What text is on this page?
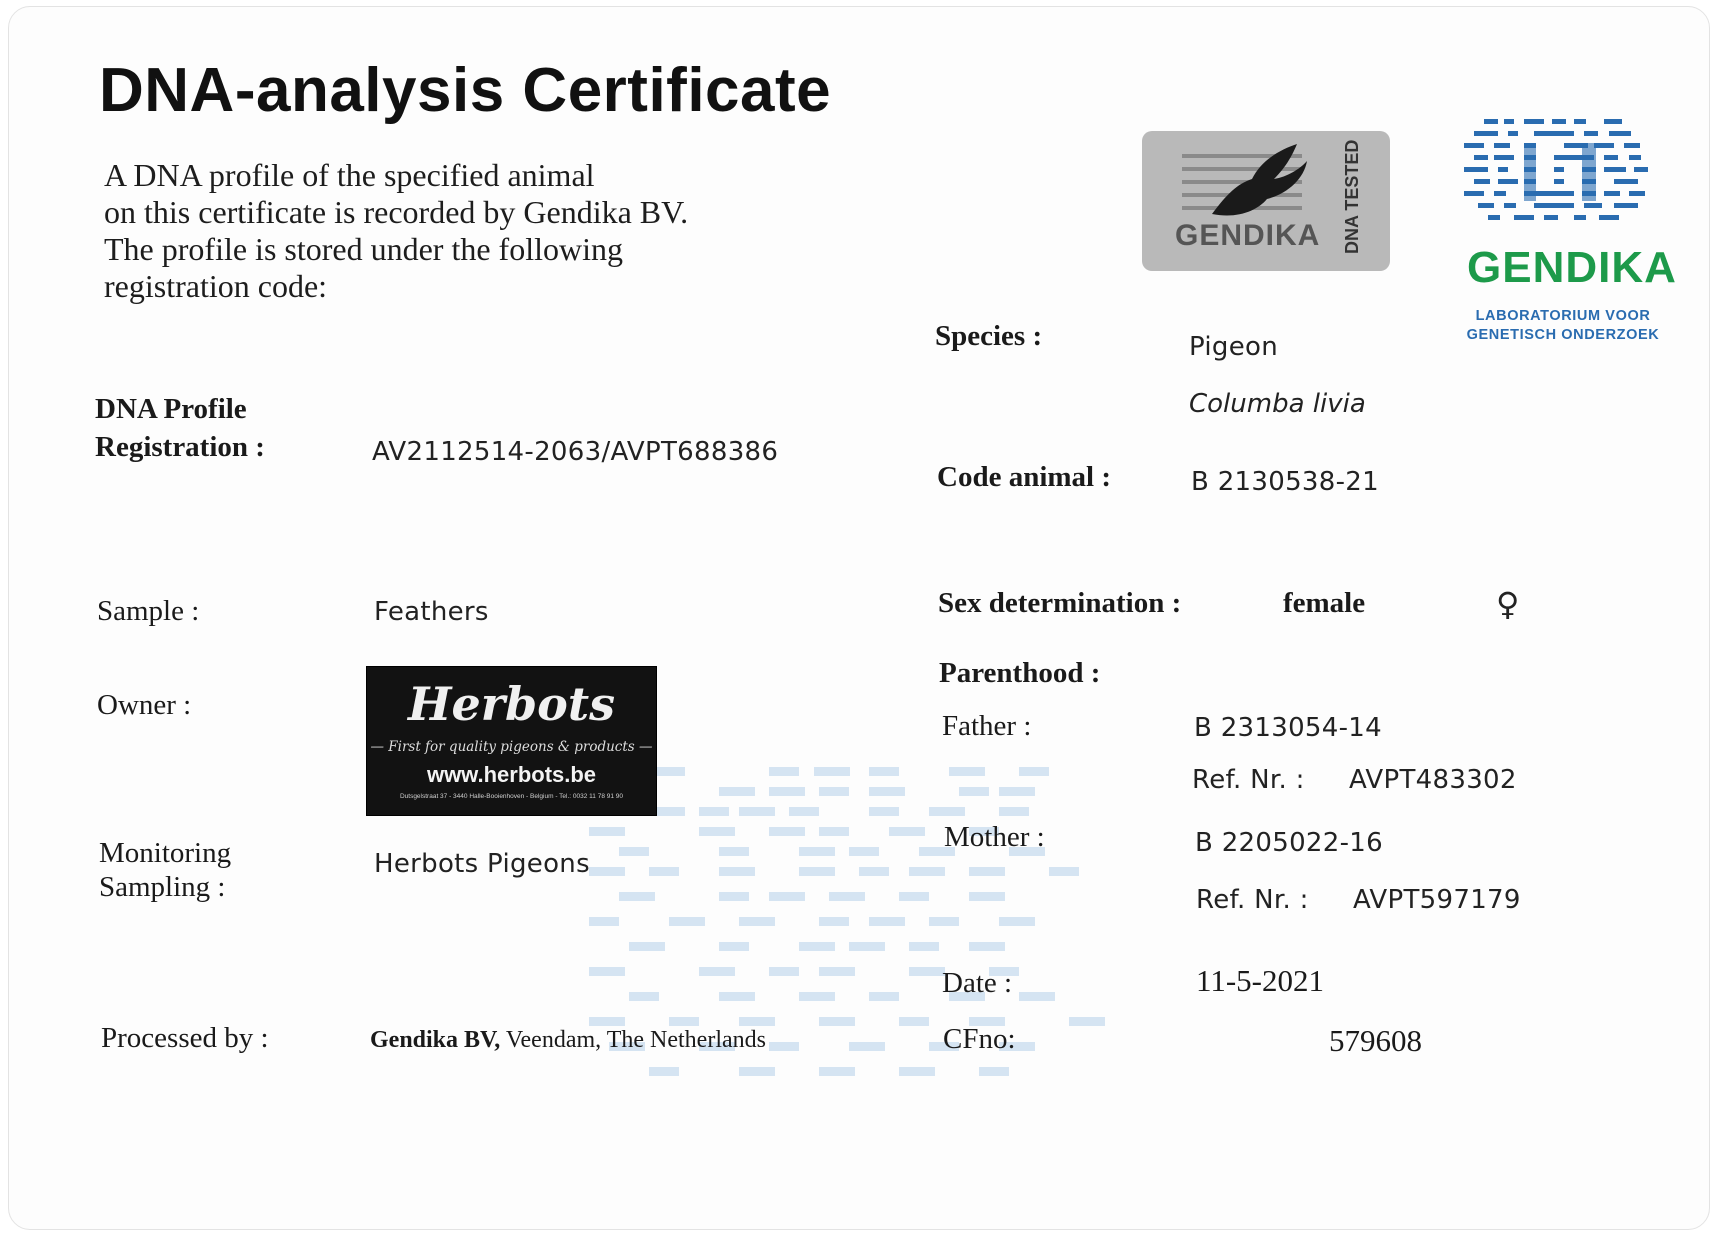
DNA-analysis Certificate
A DNA profile of the specified animal
on this certificate is recorded by Gendika BV.
The profile is stored under the following
registration code:
GENDIKA DNA TESTED
GENDIKA
LABORATORIUM VOOR
GENETISCH ONDERZOEK
DNA Profile
Registration :	AV2112514-2063/AVPT688386
Sample :	Feathers
Owner :	Herbots
— First for quality pigeons & products —
www.herbots.be
Dutsgelstraat 37 - 3440 Halle-Booienhoven - Belgium - Tel.: 0032 11 78 91 90
Monitoring
Sampling :
Herbots Pigeons
Processed by :	Gendika BV, Veendam, The Netherlands
Species :	Pigeon
Columba livia
Code animal :	B 2130538-21
Sex determination :	female	♀
Parenthood :
Father :	B 2313054-14
Ref. Nr. : AVPT483302
Mother :	B 2205022-16
Ref. Nr. : AVPT597179
Date :	11-5-2021
CFno:	579608
